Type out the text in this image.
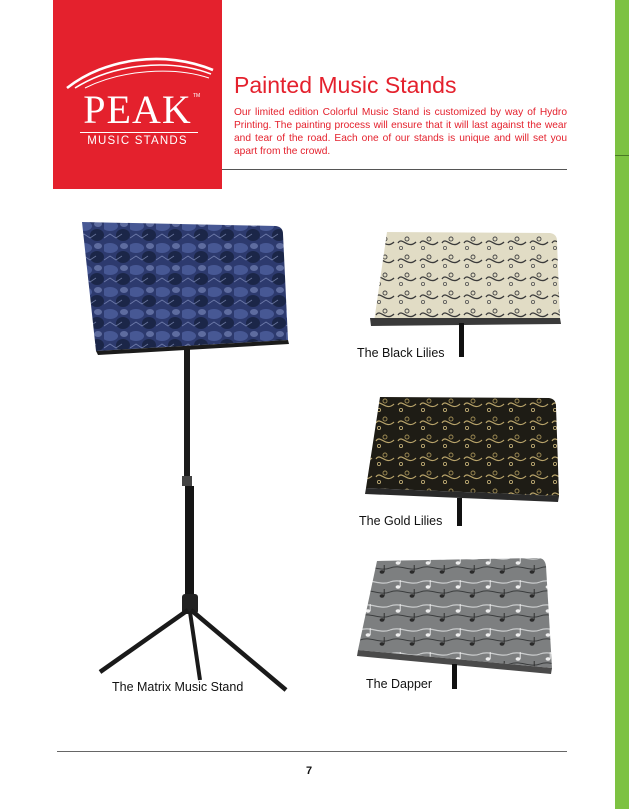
PEAK TM
MUSIC STANDS
Painted Music Stands
Our limited edition Colorful Music Stand is customized by way of Hydro Printing. The painting process will ensure that it will last against the wear and tear of the road. Each one of our stands is unique and will set you apart from the crowd.
The Black Lilies
The Gold Lilies
The Dapper
The Matrix Music Stand
7
